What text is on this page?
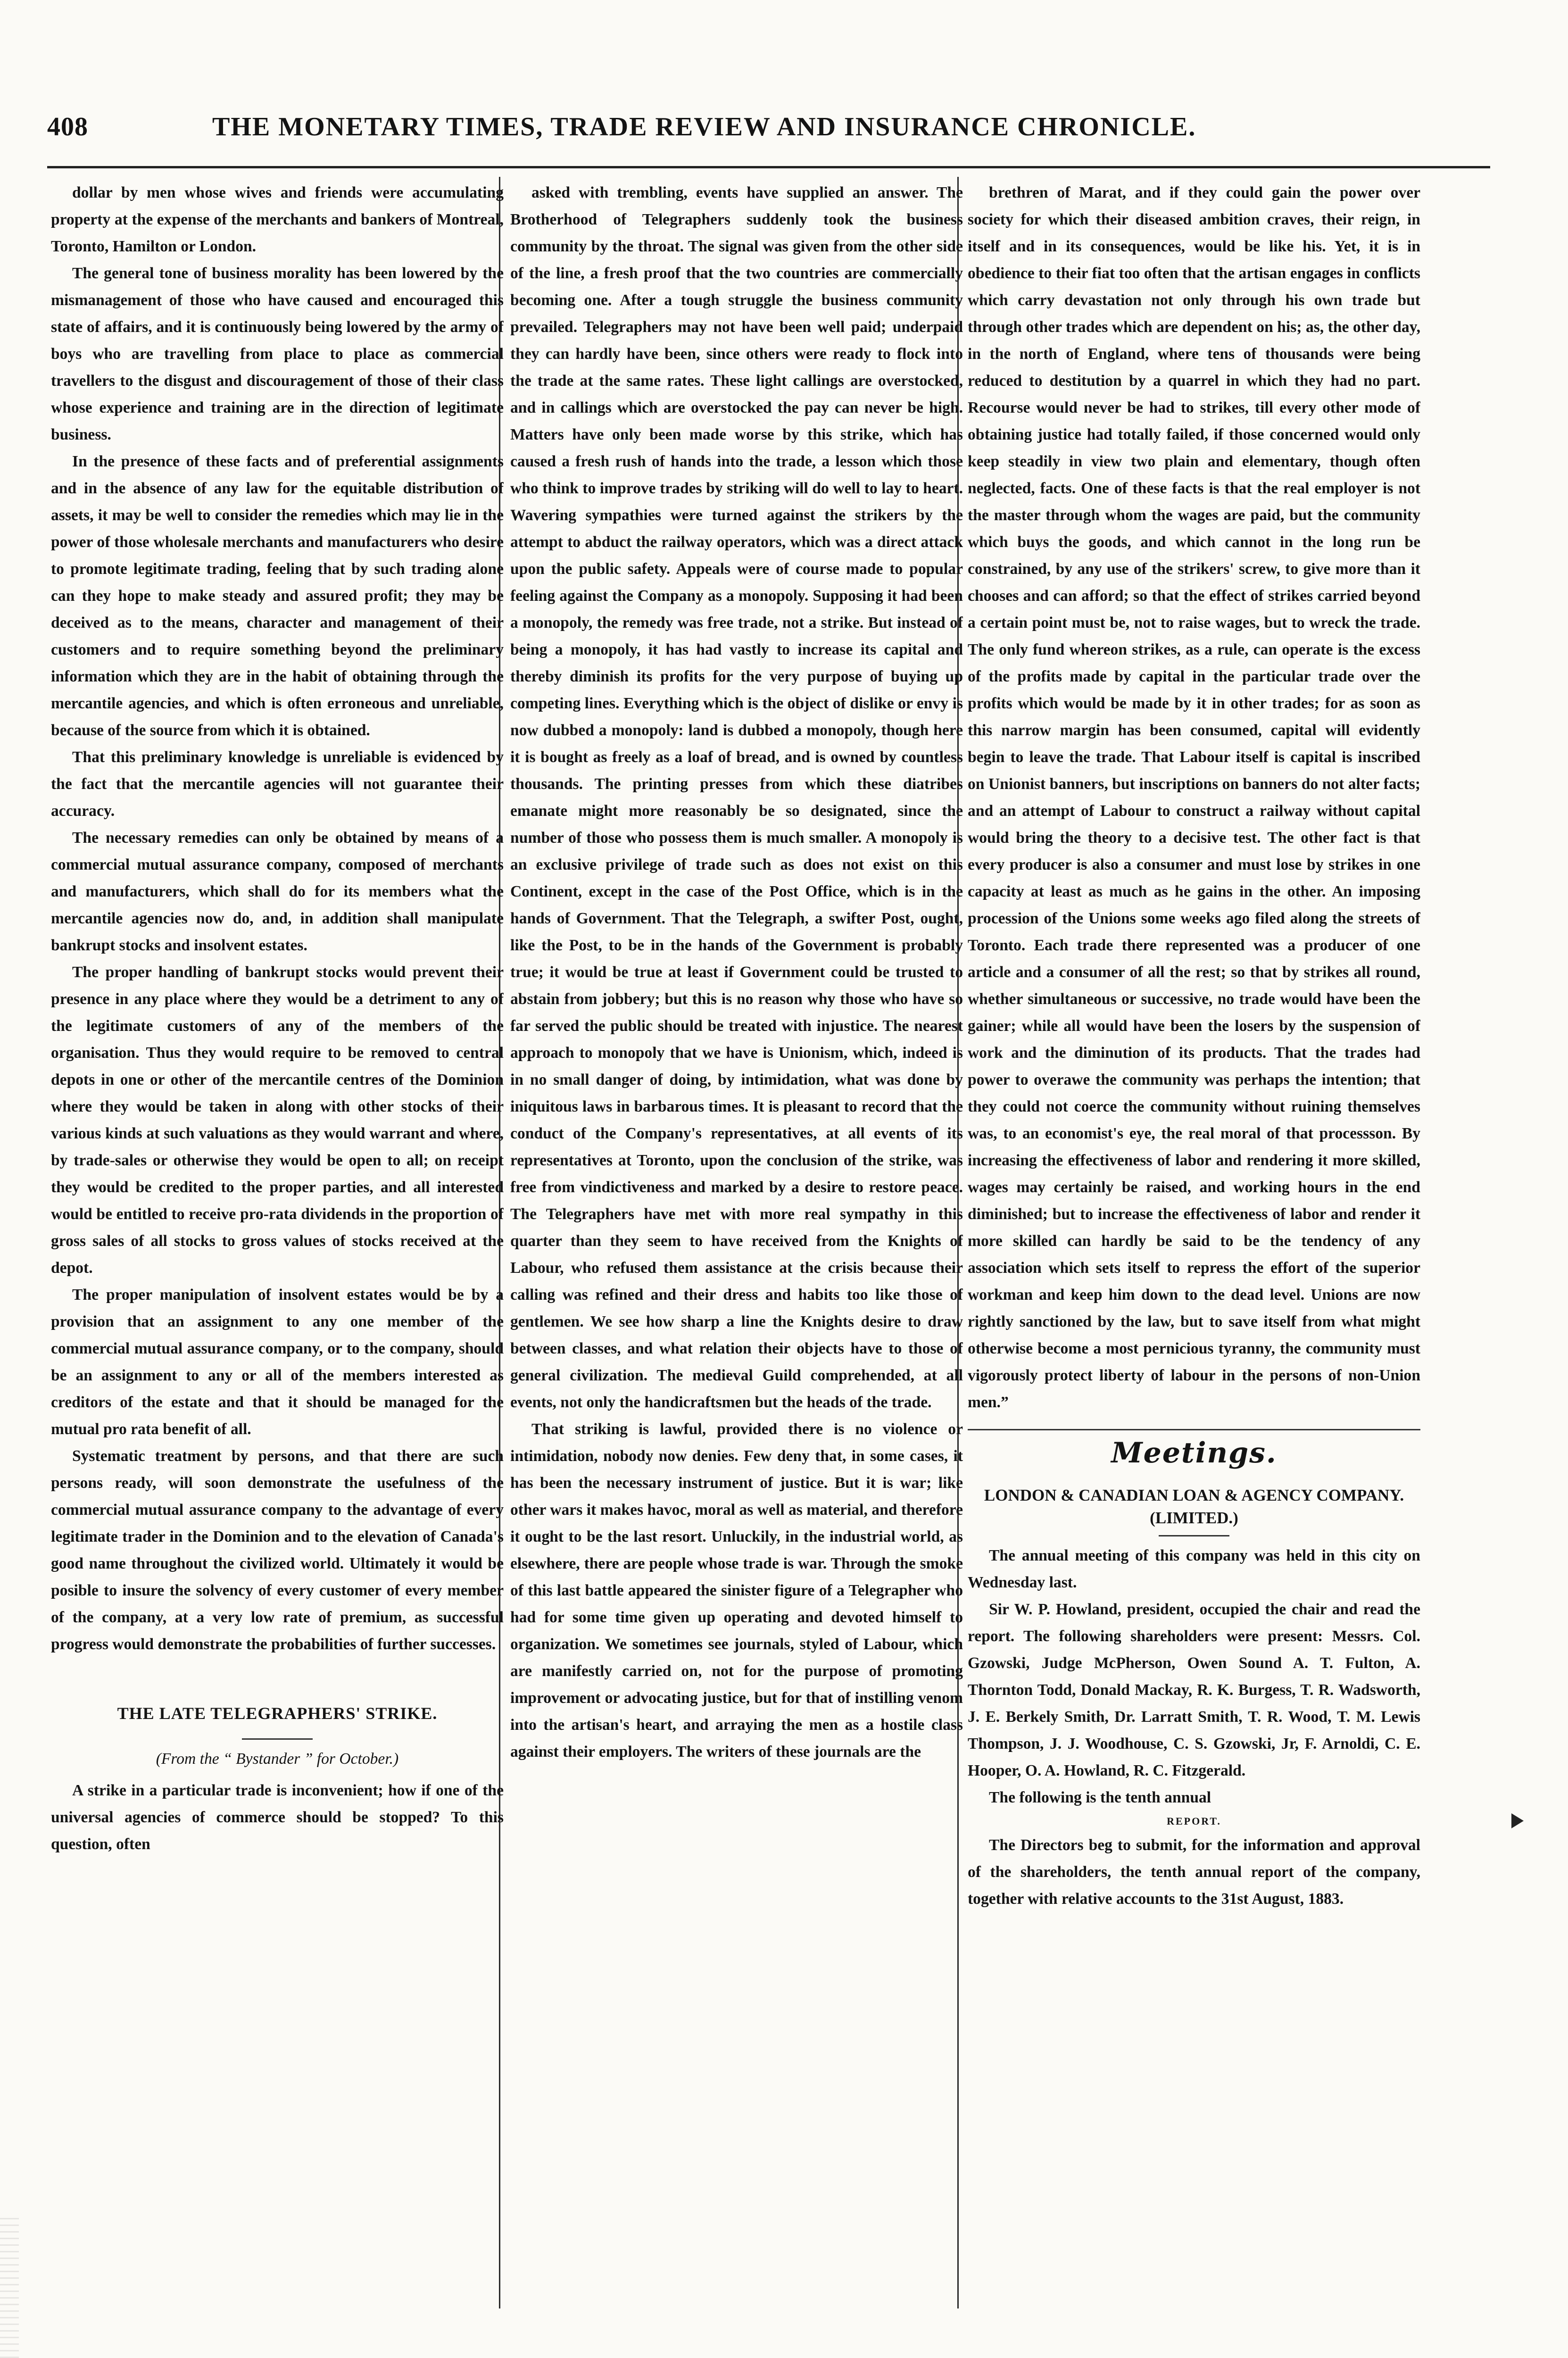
408	THE MONETARY TIMES, TRADE REVIEW AND INSURANCE CHRONICLE.

dollar by men whose wives and friends were accumulating property at the expense of the merchants and bankers of Montreal, Toronto, Hamilton or London.

The general tone of business morality has been lowered by the mismanagement of those who have caused and encouraged this state of affairs, and it is continuously being lowered by the army of boys who are travelling from place to place as commercial travellers to the disgust and discouragement of those of their class whose experience and training are in the direction of legitimate business.

In the presence of these facts and of preferential assignments and in the absence of any law for the equitable distribution of assets, it may be well to consider the remedies which may lie in the power of those wholesale merchants and manufacturers who desire to promote legitimate trading, feeling that by such trading alone can they hope to make steady and assured profit; they may be deceived as to the means, character and management of their customers and to require something beyond the preliminary information which they are in the habit of obtaining through the mercantile agencies, and which is often erroneous and unreliable, because of the source from which it is obtained.

That this preliminary knowledge is unreliable is evidenced by the fact that the mercantile agencies will not guarantee their accuracy.

The necessary remedies can only be obtained by means of a commercial mutual assurance company, composed of merchants and manufacturers, which shall do for its members what the mercantile agencies now do, and, in addition shall manipulate bankrupt stocks and insolvent estates.

The proper handling of bankrupt stocks would prevent their presence in any place where they would be a detriment to any of the legitimate customers of any of the members of the organisation. Thus they would require to be removed to central depots in one or other of the mercantile centres of the Dominion where they would be taken in along with other stocks of their various kinds at such valuations as they would warrant and where, by trade-sales or otherwise they would be open to all; on receipt they would be credited to the proper parties, and all interested would be entitled to receive pro-rata dividends in the proportion of gross sales of all stocks to gross values of stocks received at the depot.

The proper manipulation of insolvent estates would be by a provision that an assignment to any one member of the commercial mutual assurance company, or to the company, should be an assignment to any or all of the members interested as creditors of the estate and that it should be managed for the mutual pro rata benefit of all.

Systematic treatment by persons, and that there are such persons ready, will soon demonstrate the usefulness of the commercial mutual assurance company to the advantage of every legitimate trader in the Dominion and to the elevation of Canada's good name throughout the civilized world. Ultimately it would be posible to insure the solvency of every customer of every member of the company, at a very low rate of premium, as successful progress would demonstrate the probabilities of further successes.

THE LATE TELEGRAPHERS' STRIKE.
(From the “ Bystander ” for October.)

A strike in a particular trade is inconvenient; how if one of the universal agencies of commerce should be stopped? To this question, often

asked with trembling, events have supplied an answer. The Brotherhood of Telegraphers suddenly took the business community by the throat. The signal was given from the other side of the line, a fresh proof that the two countries are commercially becoming one. After a tough struggle the business community prevailed. Telegraphers may not have been well paid; underpaid they can hardly have been, since others were ready to flock into the trade at the same rates. These light callings are overstocked, and in callings which are overstocked the pay can never be high. Matters have only been made worse by this strike, which has caused a fresh rush of hands into the trade, a lesson which those who think to improve trades by striking will do well to lay to heart. Wavering sympathies were turned against the strikers by the attempt to abduct the railway operators, which was a direct attack upon the public safety. Appeals were of course made to popular feeling against the Company as a monopoly. Supposing it had been a monopoly, the remedy was free trade, not a strike. But instead of being a monopoly, it has had vastly to increase its capital and thereby diminish its profits for the very purpose of buying up competing lines. Everything which is the object of dislike or envy is now dubbed a monopoly: land is dubbed a monopoly, though here it is bought as freely as a loaf of bread, and is owned by countless thousands. The printing presses from which these diatribes emanate might more reasonably be so designated, since the number of those who possess them is much smaller. A monopoly is an exclusive privilege of trade such as does not exist on this Continent, except in the case of the Post Office, which is in the hands of Government. That the Telegraph, a swifter Post, ought, like the Post, to be in the hands of the Government is probably true; it would be true at least if Government could be trusted to abstain from jobbery; but this is no reason why those who have so far served the public should be treated with injustice. The nearest approach to monopoly that we have is Unionism, which, indeed is in no small danger of doing, by intimidation, what was done by iniquitous laws in barbarous times. It is pleasant to record that the conduct of the Company's representatives, at all events of its representatives at Toronto, upon the conclusion of the strike, was free from vindictiveness and marked by a desire to restore peace. The Telegraphers have met with more real sympathy in this quarter than they seem to have received from the Knights of Labour, who refused them assistance at the crisis because their calling was refined and their dress and habits too like those of gentlemen. We see how sharp a line the Knights desire to draw between classes, and what relation their objects have to those of general civilization. The medieval Guild comprehended, at all events, not only the handicraftsmen but the heads of the trade.

That striking is lawful, provided there is no violence or intimidation, nobody now denies. Few deny that, in some cases, it has been the necessary instrument of justice. But it is war; like other wars it makes havoc, moral as well as material, and therefore it ought to be the last resort. Unluckily, in the industrial world, as elsewhere, there are people whose trade is war. Through the smoke of this last battle appeared the sinister figure of a Telegrapher who had for some time given up operating and devoted himself to organization. We sometimes see journals, styled of Labour, which are manifestly carried on, not for the purpose of promoting improvement or advocating justice, but for that of instilling venom into the artisan's heart, and arraying the men as a hostile class against their employers. The writers of these journals are the

brethren of Marat, and if they could gain the power over society for which their diseased ambition craves, their reign, in itself and in its consequences, would be like his. Yet, it is in obedience to their fiat too often that the artisan engages in conflicts which carry devastation not only through his own trade but through other trades which are dependent on his; as, the other day, in the north of England, where tens of thousands were being reduced to destitution by a quarrel in which they had no part. Recourse would never be had to strikes, till every other mode of obtaining justice had totally failed, if those concerned would only keep steadily in view two plain and elementary, though often neglected, facts. One of these facts is that the real employer is not the master through whom the wages are paid, but the community which buys the goods, and which cannot in the long run be constrained, by any use of the strikers' screw, to give more than it chooses and can afford; so that the effect of strikes carried beyond a certain point must be, not to raise wages, but to wreck the trade. The only fund whereon strikes, as a rule, can operate is the excess of the profits made by capital in the particular trade over the profits which would be made by it in other trades; for as soon as this narrow margin has been consumed, capital will evidently begin to leave the trade. That Labour itself is capital is inscribed on Unionist banners, but inscriptions on banners do not alter facts; and an attempt of Labour to construct a railway without capital would bring the theory to a decisive test. The other fact is that every producer is also a consumer and must lose by strikes in one capacity at least as much as he gains in the other. An imposing procession of the Unions some weeks ago filed along the streets of Toronto. Each trade there represented was a producer of one article and a consumer of all the rest; so that by strikes all round, whether simultaneous or successive, no trade would have been the gainer; while all would have been the losers by the suspension of work and the diminution of its products. That the trades had power to overawe the community was perhaps the intention; that they could not coerce the community without ruining themselves was, to an economist's eye, the real moral of that processson. By increasing the effectiveness of labor and rendering it more skilled, wages may certainly be raised, and working hours in the end diminished; but to increase the effectiveness of labor and render it more skilled can hardly be said to be the tendency of any association which sets itself to repress the effort of the superior workman and keep him down to the dead level. Unions are now rightly sanctioned by the law, but to save itself from what might otherwise become a most pernicious tyranny, the community must vigorously protect liberty of labour in the persons of non-Union men.”

Meetings.
LONDON & CANADIAN LOAN & AGENCY COMPANY. (LIMITED.)

The annual meeting of this company was held in this city on Wednesday last.

Sir W. P. Howland, president, occupied the chair and read the report. The following shareholders were present: Messrs. Col. Gzowski, Judge McPherson, Owen Sound A. T. Fulton, A. Thornton Todd, Donald Mackay, R. K. Burgess, T. R. Wadsworth, J. E. Berkely Smith, Dr. Larratt Smith, T. R. Wood, T. M. Lewis Thompson, J. J. Woodhouse, C. S. Gzowski, Jr, F. Arnoldi, C. E. Hooper, O. A. Howland, R. C. Fitzgerald.

The following is the tenth annual

REPORT.

The Directors beg to submit, for the information and approval of the shareholders, the tenth annual report of the company, together with relative accounts to the 31st August, 1883.
